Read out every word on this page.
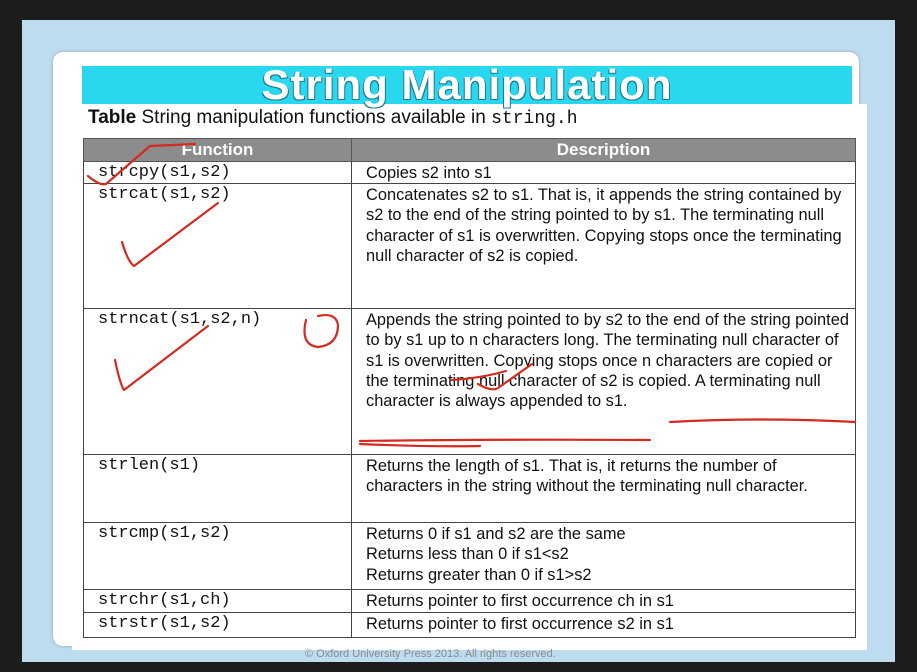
String Manipulation
Table String manipulation functions available in string.h
Function	Description
strcpy(s1,s2)	Copies s2 into s1
strcat(s1,s2)	Concatenates s2 to s1. That is, it appends the string contained by s2 to the end of the string pointed to by s1. The terminating null character of s1 is overwritten. Copying stops once the terminating null character of s2 is copied.
strncat(s1,s2,n)	Appends the string pointed to by s2 to the end of the string pointed to by s1 up to n characters long. The terminating null character of s1 is overwritten. Copying stops once n characters are copied or the terminating null character of s2 is copied. A terminating null character is always appended to s1.
strlen(s1)	Returns the length of s1. That is, it returns the number of characters in the string without the terminating null character.
strcmp(s1,s2)	Returns 0 if s1 and s2 are the same
Returns less than 0 if s1<s2
Returns greater than 0 if s1>s2
strchr(s1,ch)	Returns pointer to first occurrence ch in s1
strstr(s1,s2)	Returns pointer to first occurrence s2 in s1
© Oxford University Press 2013. All rights reserved.
